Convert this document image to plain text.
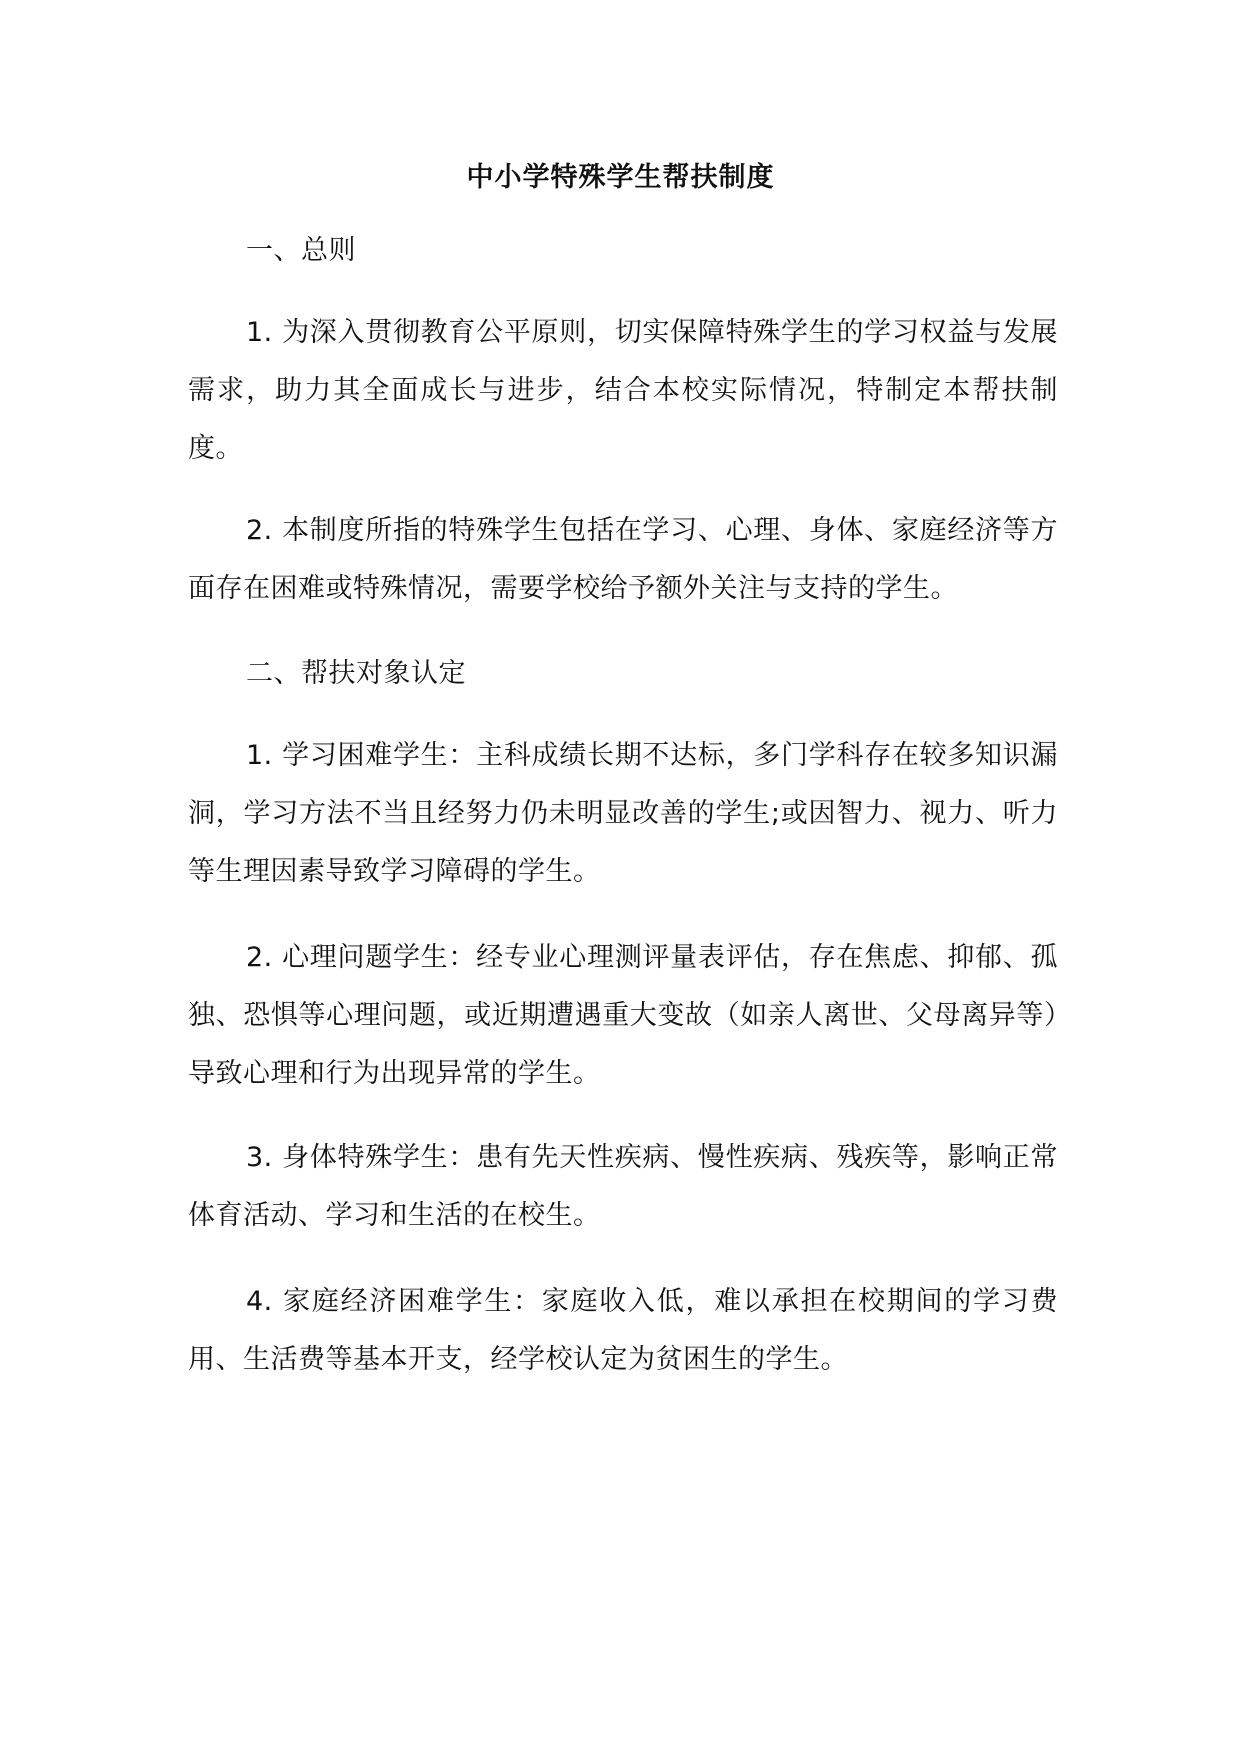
中小学特殊学生帮扶制度

一、总则

1. 为深入贯彻教育公平原则，切实保障特殊学生的学习权益与发展需求，助力其全面成长与进步，结合本校实际情况，特制定本帮扶制度。

2. 本制度所指的特殊学生包括在学习、心理、身体、家庭经济等方面存在困难或特殊情况，需要学校给予额外关注与支持的学生。

二、帮扶对象认定

1. 学习困难学生：主科成绩长期不达标，多门学科存在较多知识漏洞，学习方法不当且经努力仍未明显改善的学生;或因智力、视力、听力等生理因素导致学习障碍的学生。

2. 心理问题学生：经专业心理测评量表评估，存在焦虑、抑郁、孤独、恐惧等心理问题，或近期遭遇重大变故（如亲人离世、父母离异等）导致心理和行为出现异常的学生。

3. 身体特殊学生：患有先天性疾病、慢性疾病、残疾等，影响正常体育活动、学习和生活的在校生。

4. 家庭经济困难学生：家庭收入低，难以承担在校期间的学习费用、生活费等基本开支，经学校认定为贫困生的学生。
